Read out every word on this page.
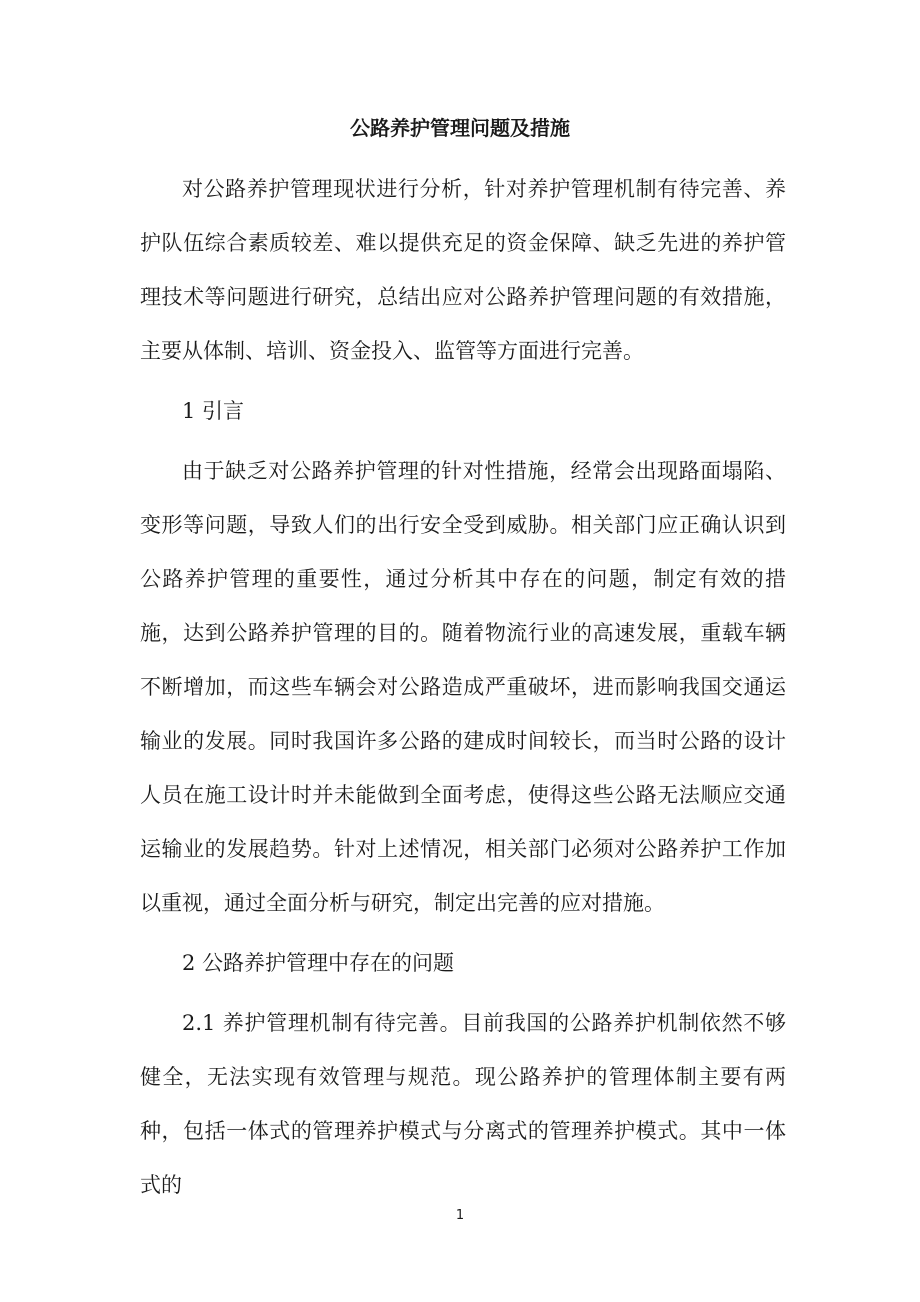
公路养护管理问题及措施

对公路养护管理现状进行分析，针对养护管理机制有待完善、养护队伍综合素质较差、难以提供充足的资金保障、缺乏先进的养护管理技术等问题进行研究，总结出应对公路养护管理问题的有效措施，主要从体制、培训、资金投入、监管等方面进行完善。

1 引言

由于缺乏对公路养护管理的针对性措施，经常会出现路面塌陷、变形等问题，导致人们的出行安全受到威胁。相关部门应正确认识到公路养护管理的重要性，通过分析其中存在的问题，制定有效的措施，达到公路养护管理的目的。随着物流行业的高速发展，重载车辆不断增加，而这些车辆会对公路造成严重破坏，进而影响我国交通运输业的发展。同时我国许多公路的建成时间较长，而当时公路的设计人员在施工设计时并未能做到全面考虑，使得这些公路无法顺应交通运输业的发展趋势。针对上述情况，相关部门必须对公路养护工作加以重视，通过全面分析与研究，制定出完善的应对措施。

2 公路养护管理中存在的问题

2.1 养护管理机制有待完善。目前我国的公路养护机制依然不够健全，无法实现有效管理与规范。现公路养护的管理体制主要有两种，包括一体式的管理养护模式与分离式的管理养护模式。其中一体式的

1
